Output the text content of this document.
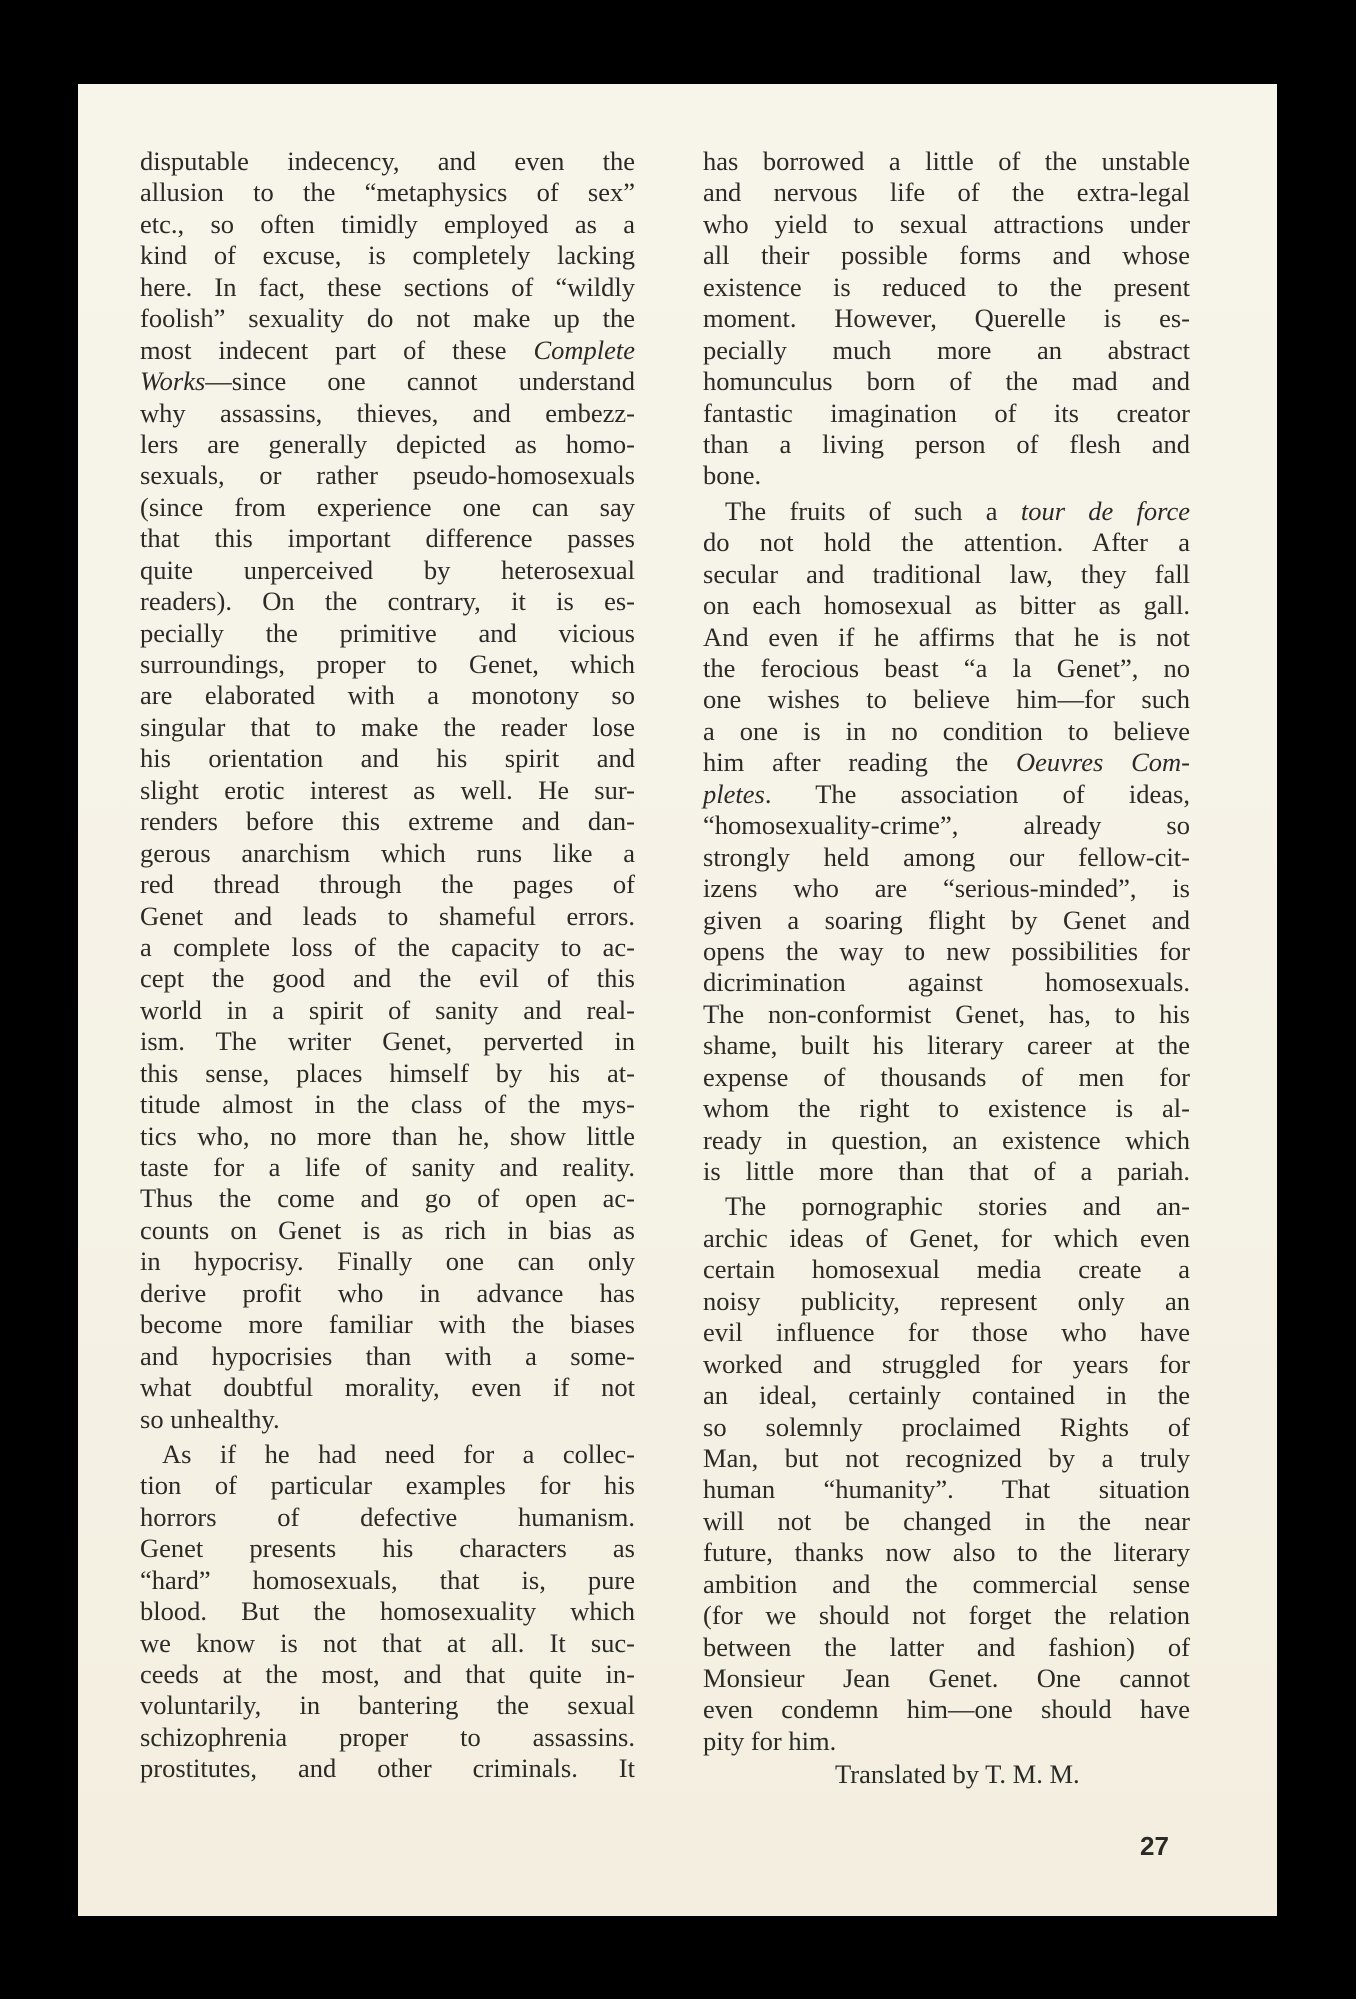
disputable indecency, and even the
allusion to the “metaphysics of sex”
etc., so often timidly employed as a
kind of excuse, is completely lacking
here. In fact, these sections of “wildly
foolish” sexuality do not make up the
most indecent part of these Complete
Works—since one cannot understand
why assassins, thieves, and embezz-
lers are generally depicted as homo-
sexuals, or rather pseudo-homosexuals
(since from experience one can say
that this important difference passes
quite unperceived by heterosexual
readers). On the contrary, it is es-
pecially the primitive and vicious
surroundings, proper to Genet, which
are elaborated with a monotony so
singular that to make the reader lose
his orientation and his spirit and
slight erotic interest as well. He sur-
renders before this extreme and dan-
gerous anarchism which runs like a
red thread through the pages of
Genet and leads to shameful errors.
a complete loss of the capacity to ac-
cept the good and the evil of this
world in a spirit of sanity and real-
ism. The writer Genet, perverted in
this sense, places himself by his at-
titude almost in the class of the mys-
tics who, no more than he, show little
taste for a life of sanity and reality.
Thus the come and go of open ac-
counts on Genet is as rich in bias as
in hypocrisy. Finally one can only
derive profit who in advance has
become more familiar with the biases
and hypocrisies than with a some-
what doubtful morality, even if not
so unhealthy.
As if he had need for a collec-
tion of particular examples for his
horrors of defective humanism.
Genet presents his characters as
“hard” homosexuals, that is, pure
blood. But the homosexuality which
we know is not that at all. It suc-
ceeds at the most, and that quite in-
voluntarily, in bantering the sexual
schizophrenia proper to assassins.
prostitutes, and other criminals. It
has borrowed a little of the unstable
and nervous life of the extra-legal
who yield to sexual attractions under
all their possible forms and whose
existence is reduced to the present
moment. However, Querelle is es-
pecially much more an abstract
homunculus born of the mad and
fantastic imagination of its creator
than a living person of flesh and
bone.
The fruits of such a tour de force
do not hold the attention. After a
secular and traditional law, they fall
on each homosexual as bitter as gall.
And even if he affirms that he is not
the ferocious beast “a la Genet”, no
one wishes to believe him—for such
a one is in no condition to believe
him after reading the Oeuvres Com-
pletes. The association of ideas,
“homosexuality-crime”, already so
strongly held among our fellow-cit-
izens who are “serious-minded”, is
given a soaring flight by Genet and
opens the way to new possibilities for
dicrimination against homosexuals.
The non-conformist Genet, has, to his
shame, built his literary career at the
expense of thousands of men for
whom the right to existence is al-
ready in question, an existence which
is little more than that of a pariah.
The pornographic stories and an-
archic ideas of Genet, for which even
certain homosexual media create a
noisy publicity, represent only an
evil influence for those who have
worked and struggled for years for
an ideal, certainly contained in the
so solemnly proclaimed Rights of
Man, but not recognized by a truly
human “humanity”. That situation
will not be changed in the near
future, thanks now also to the literary
ambition and the commercial sense
(for we should not forget the relation
between the latter and fashion) of
Monsieur Jean Genet. One cannot
even condemn him—one should have
pity for him.
Translated by T. M. M.
27
